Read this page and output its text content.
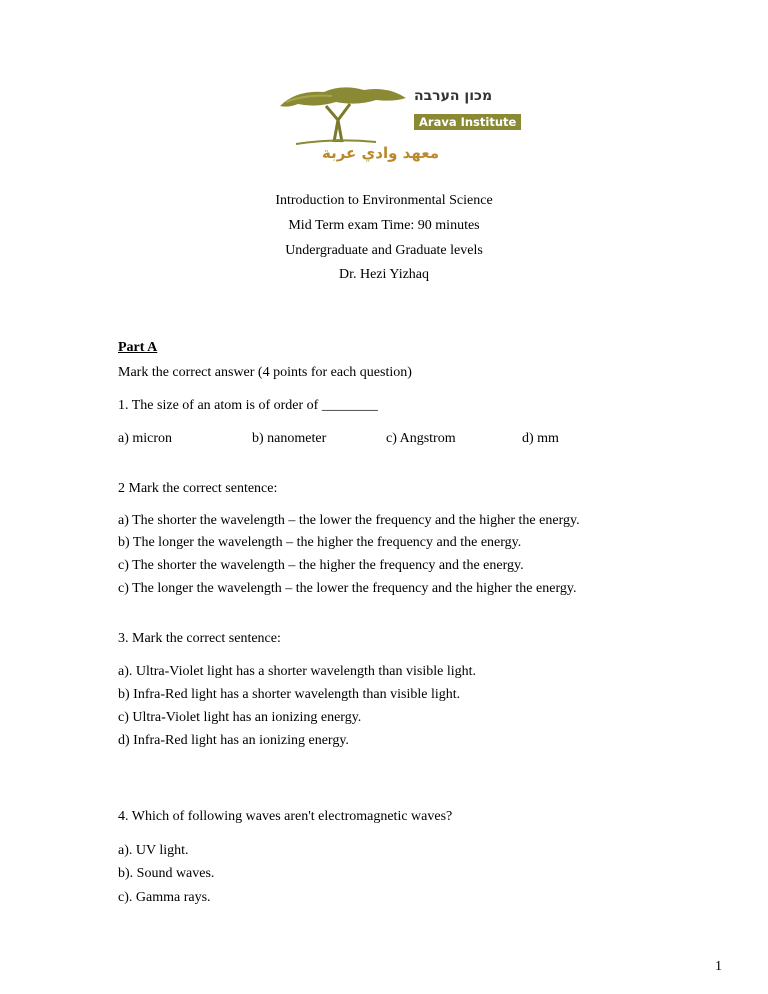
מכון הערבה
Arava Institute
معهد وادي عربة
Introduction to Environmental Science
Mid Term exam Time: 90 minutes
Undergraduate and Graduate levels
Dr. Hezi Yizhaq
Part A
Mark the correct answer (4 points for each question)
1. The size of an atom is of order of ________
a) micron	b) nanometer	c) Angstrom	d) mm
2 Mark the correct sentence:
a) The shorter the wavelength – the lower the frequency and the higher the energy.
b) The longer the wavelength – the higher the frequency and the energy.
c) The shorter the wavelength – the higher the frequency and the energy.
c) The longer the wavelength – the lower the frequency and the higher the energy.
3. Mark the correct sentence:
a). Ultra-Violet light has a shorter wavelength than visible light.
b) Infra-Red light has a shorter wavelength than visible light.
c) Ultra-Violet light has an ionizing energy.
d) Infra-Red light has an ionizing energy.
4. Which of following waves aren't electromagnetic waves?
a). UV light.
b). Sound waves.
c). Gamma rays.
1
